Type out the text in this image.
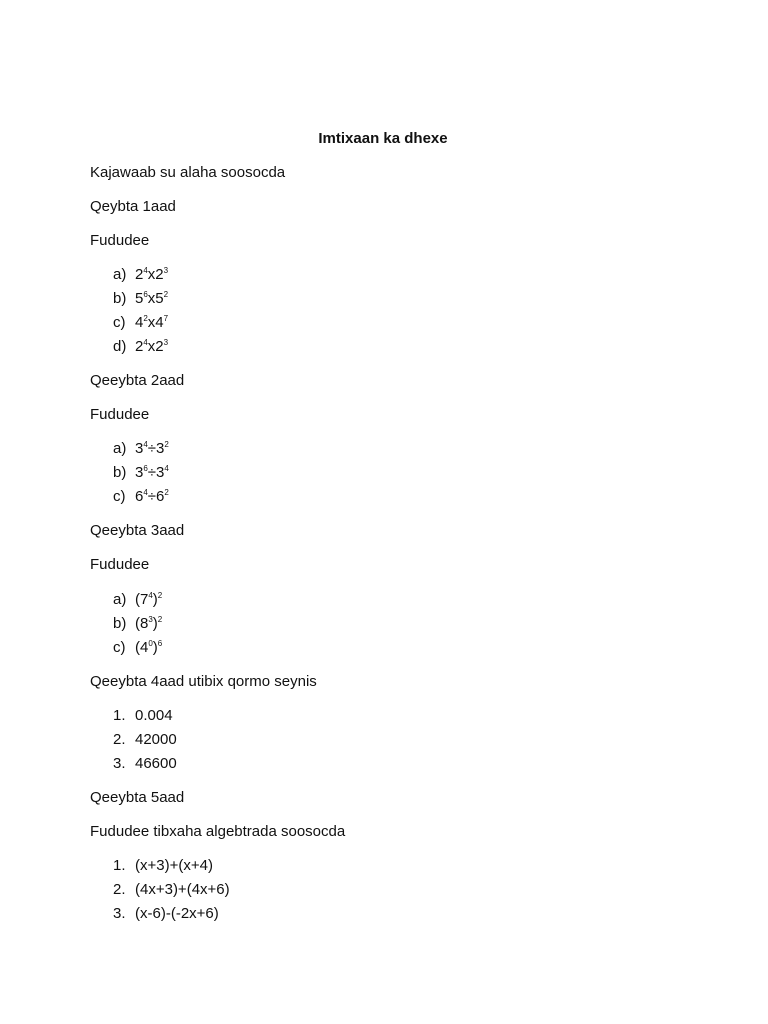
Imtixaan ka dhexe
Kajawaab su alaha soosocda
Qeybta 1aad
Fududee
a) $2^4x2^3$
b) $5^6x5^2$
c) $4^2x4^7$
d) $2^4x2^3$
Qeeybta 2aad
Fududee
a) $3^4\div 3^2$
b) $3^6\div 3^4$
c) $6^4\div 6^2$
Qeeybta 3aad
Fududee
a) $(7^4)^2$
b) $(8^3)^2$
c) $(4^0)^6$
Qeeybta 4aad utibix qormo seynis
1. 0.004
2. 42000
3. 46600
Qeeybta 5aad
Fududee tibxaha algebtrada soosocda
1. (x+3)+(x+4)
2. (4x+3)+(4x+6)
3. (x-6)-(-2x+6)
